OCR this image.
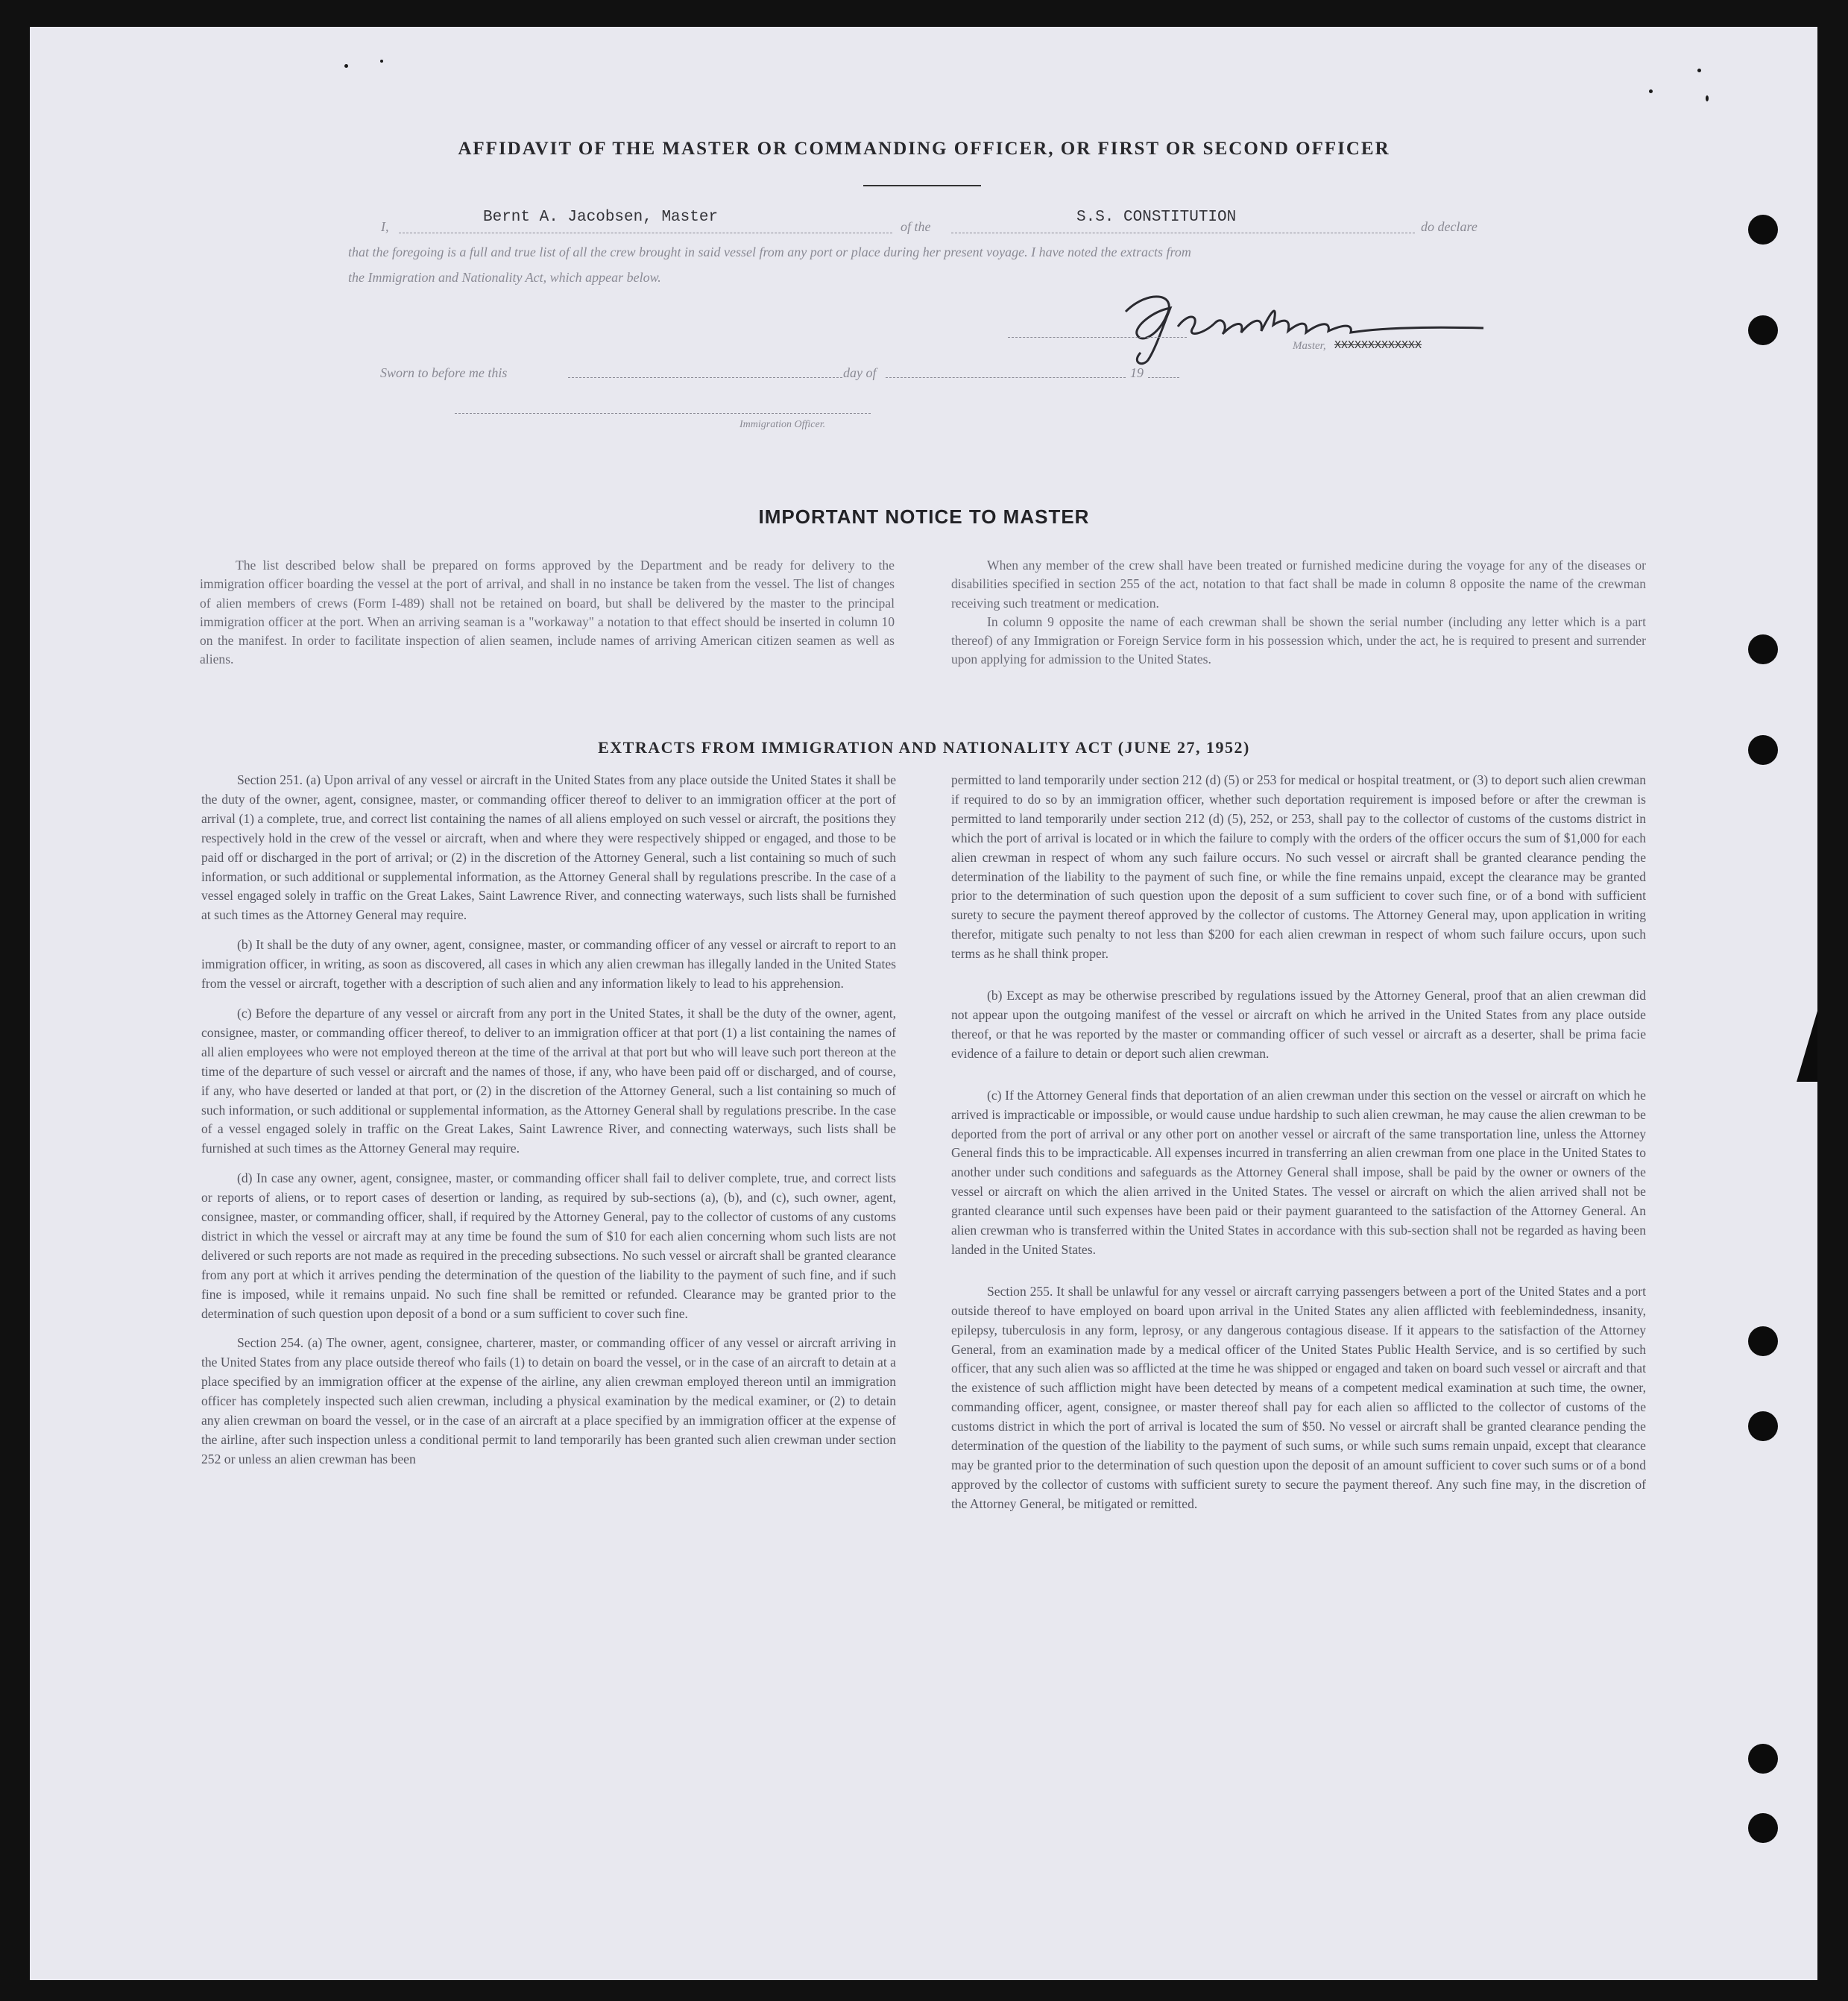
AFFIDAVIT OF THE MASTER OR COMMANDING OFFICER, OR FIRST OR SECOND OFFICER
I,
Bernt A. Jacobsen, Master
of the
S.S. CONSTITUTION
do declare
that the foregoing is a full and true list of all the crew brought in said vessel from any port or place during her present voyage. I have noted the extracts from
the Immigration and Nationality Act, which appear below.
Master, XXXXXXXXXXXXX
Sworn to before me this	day of	19
Immigration Officer.
IMPORTANT NOTICE TO MASTER

The list described below shall be prepared on forms approved by the Department and be ready for delivery to the immigration officer boarding the vessel at the port of arrival, and shall in no instance be taken from the vessel. The list of changes of alien members of crews (Form I-489) shall not be retained on board, but shall be delivered by the master to the principal immigration officer at the port. When an arriving seaman is a "workaway" a notation to that effect should be inserted in column 10 on the manifest. In order to facilitate inspection of alien seamen, include names of arriving American citizen seamen as well as aliens.

When any member of the crew shall have been treated or furnished medicine during the voyage for any of the diseases or disabilities specified in section 255 of the act, notation to that fact shall be made in column 8 opposite the name of the crewman receiving such treatment or medication.

In column 9 opposite the name of each crewman shall be shown the serial number (including any letter which is a part thereof) of any Immigration or Foreign Service form in his possession which, under the act, he is required to present and surrender upon applying for admission to the United States.

EXTRACTS FROM IMMIGRATION AND NATIONALITY ACT (JUNE 27, 1952)

Section 251. (a) Upon arrival of any vessel or aircraft in the United States from any place outside the United States it shall be the duty of the owner, agent, consignee, master, or commanding officer thereof to deliver to an immigration officer at the port of arrival (1) a complete, true, and correct list containing the names of all aliens employed on such vessel or aircraft, the positions they respectively hold in the crew of the vessel or aircraft, when and where they were respectively shipped or engaged, and those to be paid off or discharged in the port of arrival; or (2) in the discretion of the Attorney General, such a list containing so much of such information, or such additional or supplemental information, as the Attorney General shall by regulations prescribe. In the case of a vessel engaged solely in traffic on the Great Lakes, Saint Lawrence River, and connecting waterways, such lists shall be furnished at such times as the Attorney General may require.

(b) It shall be the duty of any owner, agent, consignee, master, or commanding officer of any vessel or aircraft to report to an immigration officer, in writing, as soon as discovered, all cases in which any alien crewman has illegally landed in the United States from the vessel or aircraft, together with a description of such alien and any information likely to lead to his apprehension.

(c) Before the departure of any vessel or aircraft from any port in the United States, it shall be the duty of the owner, agent, consignee, master, or commanding officer thereof, to deliver to an immigration officer at that port (1) a list containing the names of all alien employees who were not employed thereon at the time of the arrival at that port but who will leave such port thereon at the time of the departure of such vessel or aircraft and the names of those, if any, who have been paid off or discharged, and of course, if any, who have deserted or landed at that port, or (2) in the discretion of the Attorney General, such a list containing so much of such information, or such additional or supplemental information, as the Attorney General shall by regulations prescribe. In the case of a vessel engaged solely in traffic on the Great Lakes, Saint Lawrence River, and connecting waterways, such lists shall be furnished at such times as the Attorney General may require.

(d) In case any owner, agent, consignee, master, or commanding officer shall fail to deliver complete, true, and correct lists or reports of aliens, or to report cases of desertion or landing, as required by sub-sections (a), (b), and (c), such owner, agent, consignee, master, or commanding officer, shall, if required by the Attorney General, pay to the collector of customs of any customs district in which the vessel or aircraft may at any time be found the sum of $10 for each alien concerning whom such lists are not delivered or such reports are not made as required in the preceding subsections. No such vessel or aircraft shall be granted clearance from any port at which it arrives pending the determination of the question of the liability to the payment of such fine, and if such fine is imposed, while it remains unpaid. No such fine shall be remitted or refunded. Clearance may be granted prior to the determination of such question upon deposit of a bond or a sum sufficient to cover such fine.

Section 254. (a) The owner, agent, consignee, charterer, master, or commanding officer of any vessel or aircraft arriving in the United States from any place outside thereof who fails (1) to detain on board the vessel, or in the case of an aircraft to detain at a place specified by an immigration officer at the expense of the airline, any alien crewman employed thereon until an immigration officer has completely inspected such alien crewman, including a physical examination by the medical examiner, or (2) to detain any alien crewman on board the vessel, or in the case of an aircraft at a place specified by an immigration officer at the expense of the airline, after such inspection unless a conditional permit to land temporarily has been granted such alien crewman under section 252 or unless an alien crewman has been

permitted to land temporarily under section 212 (d) (5) or 253 for medical or hospital treatment, or (3) to deport such alien crewman if required to do so by an immigration officer, whether such deportation requirement is imposed before or after the crewman is permitted to land temporarily under section 212 (d) (5), 252, or 253, shall pay to the collector of customs of the customs district in which the port of arrival is located or in which the failure to comply with the orders of the officer occurs the sum of $1,000 for each alien crewman in respect of whom any such failure occurs. No such vessel or aircraft shall be granted clearance pending the determination of the liability to the payment of such fine, or while the fine remains unpaid, except the clearance may be granted prior to the determination of such question upon the deposit of a sum sufficient to cover such fine, or of a bond with sufficient surety to secure the payment thereof approved by the collector of customs. The Attorney General may, upon application in writing therefor, mitigate such penalty to not less than $200 for each alien crewman in respect of whom such failure occurs, upon such terms as he shall think proper.

(b) Except as may be otherwise prescribed by regulations issued by the Attorney General, proof that an alien crewman did not appear upon the outgoing manifest of the vessel or aircraft on which he arrived in the United States from any place outside thereof, or that he was reported by the master or commanding officer of such vessel or aircraft as a deserter, shall be prima facie evidence of a failure to detain or deport such alien crewman.

(c) If the Attorney General finds that deportation of an alien crewman under this section on the vessel or aircraft on which he arrived is impracticable or impossible, or would cause undue hardship to such alien crewman, he may cause the alien crewman to be deported from the port of arrival or any other port on another vessel or aircraft of the same transportation line, unless the Attorney General finds this to be impracticable. All expenses incurred in transferring an alien crewman from one place in the United States to another under such conditions and safeguards as the Attorney General shall impose, shall be paid by the owner or owners of the vessel or aircraft on which the alien arrived in the United States. The vessel or aircraft on which the alien arrived shall not be granted clearance until such expenses have been paid or their payment guaranteed to the satisfaction of the Attorney General. An alien crewman who is transferred within the United States in accordance with this sub-section shall not be regarded as having been landed in the United States.

Section 255. It shall be unlawful for any vessel or aircraft carrying passengers between a port of the United States and a port outside thereof to have employed on board upon arrival in the United States any alien afflicted with feeblemindedness, insanity, epilepsy, tuberculosis in any form, leprosy, or any dangerous contagious disease. If it appears to the satisfaction of the Attorney General, from an examination made by a medical officer of the United States Public Health Service, and is so certified by such officer, that any such alien was so afflicted at the time he was shipped or engaged and taken on board such vessel or aircraft and that the existence of such affliction might have been detected by means of a competent medical examination at such time, the owner, commanding officer, agent, consignee, or master thereof shall pay for each alien so afflicted to the collector of customs of the customs district in which the port of arrival is located the sum of $50. No vessel or aircraft shall be granted clearance pending the determination of the question of the liability to the payment of such sums, or while such sums remain unpaid, except that clearance may be granted prior to the determination of such question upon the deposit of an amount sufficient to cover such sums or of a bond approved by the collector of customs with sufficient surety to secure the payment thereof. Any such fine may, in the discretion of the Attorney General, be mitigated or remitted.
